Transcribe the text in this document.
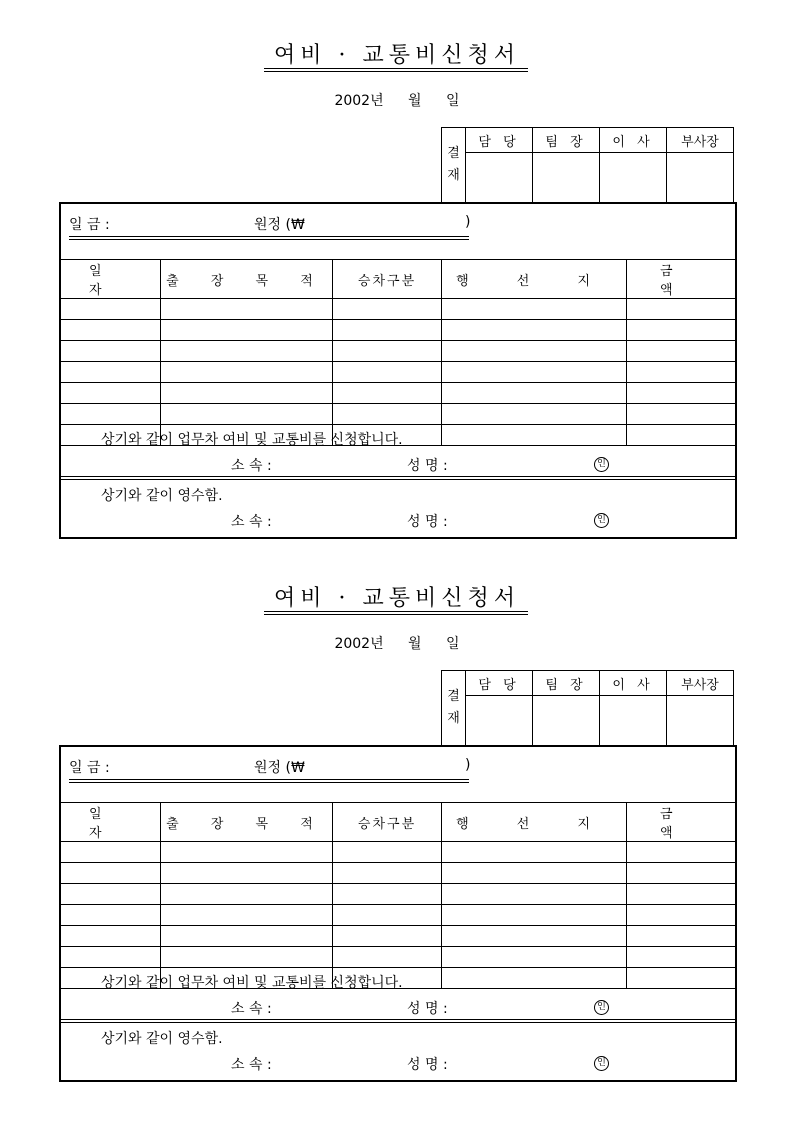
여비 · 교통비신청서
2002년 월 일
결재	담 당	팀 장	이 사	부사장

일 금 :	원정 (₩	)
일 자	출 장 목 적	승차구분	행 선 지	금 액

상기와 같이 업무차 여비 및 교통비를 신청합니다.
소 속 :	성 명 :	인
상기와 같이 영수함.
소 속 :	성 명 :	인
여비 · 교통비신청서
2002년 월 일
결재	담 당	팀 장	이 사	부사장

일 금 :	원정 (₩	)
일 자	출 장 목 적	승차구분	행 선 지	금 액

상기와 같이 업무차 여비 및 교통비를 신청합니다.
소 속 :	성 명 :	인
상기와 같이 영수함.
소 속 :	성 명 :	인
